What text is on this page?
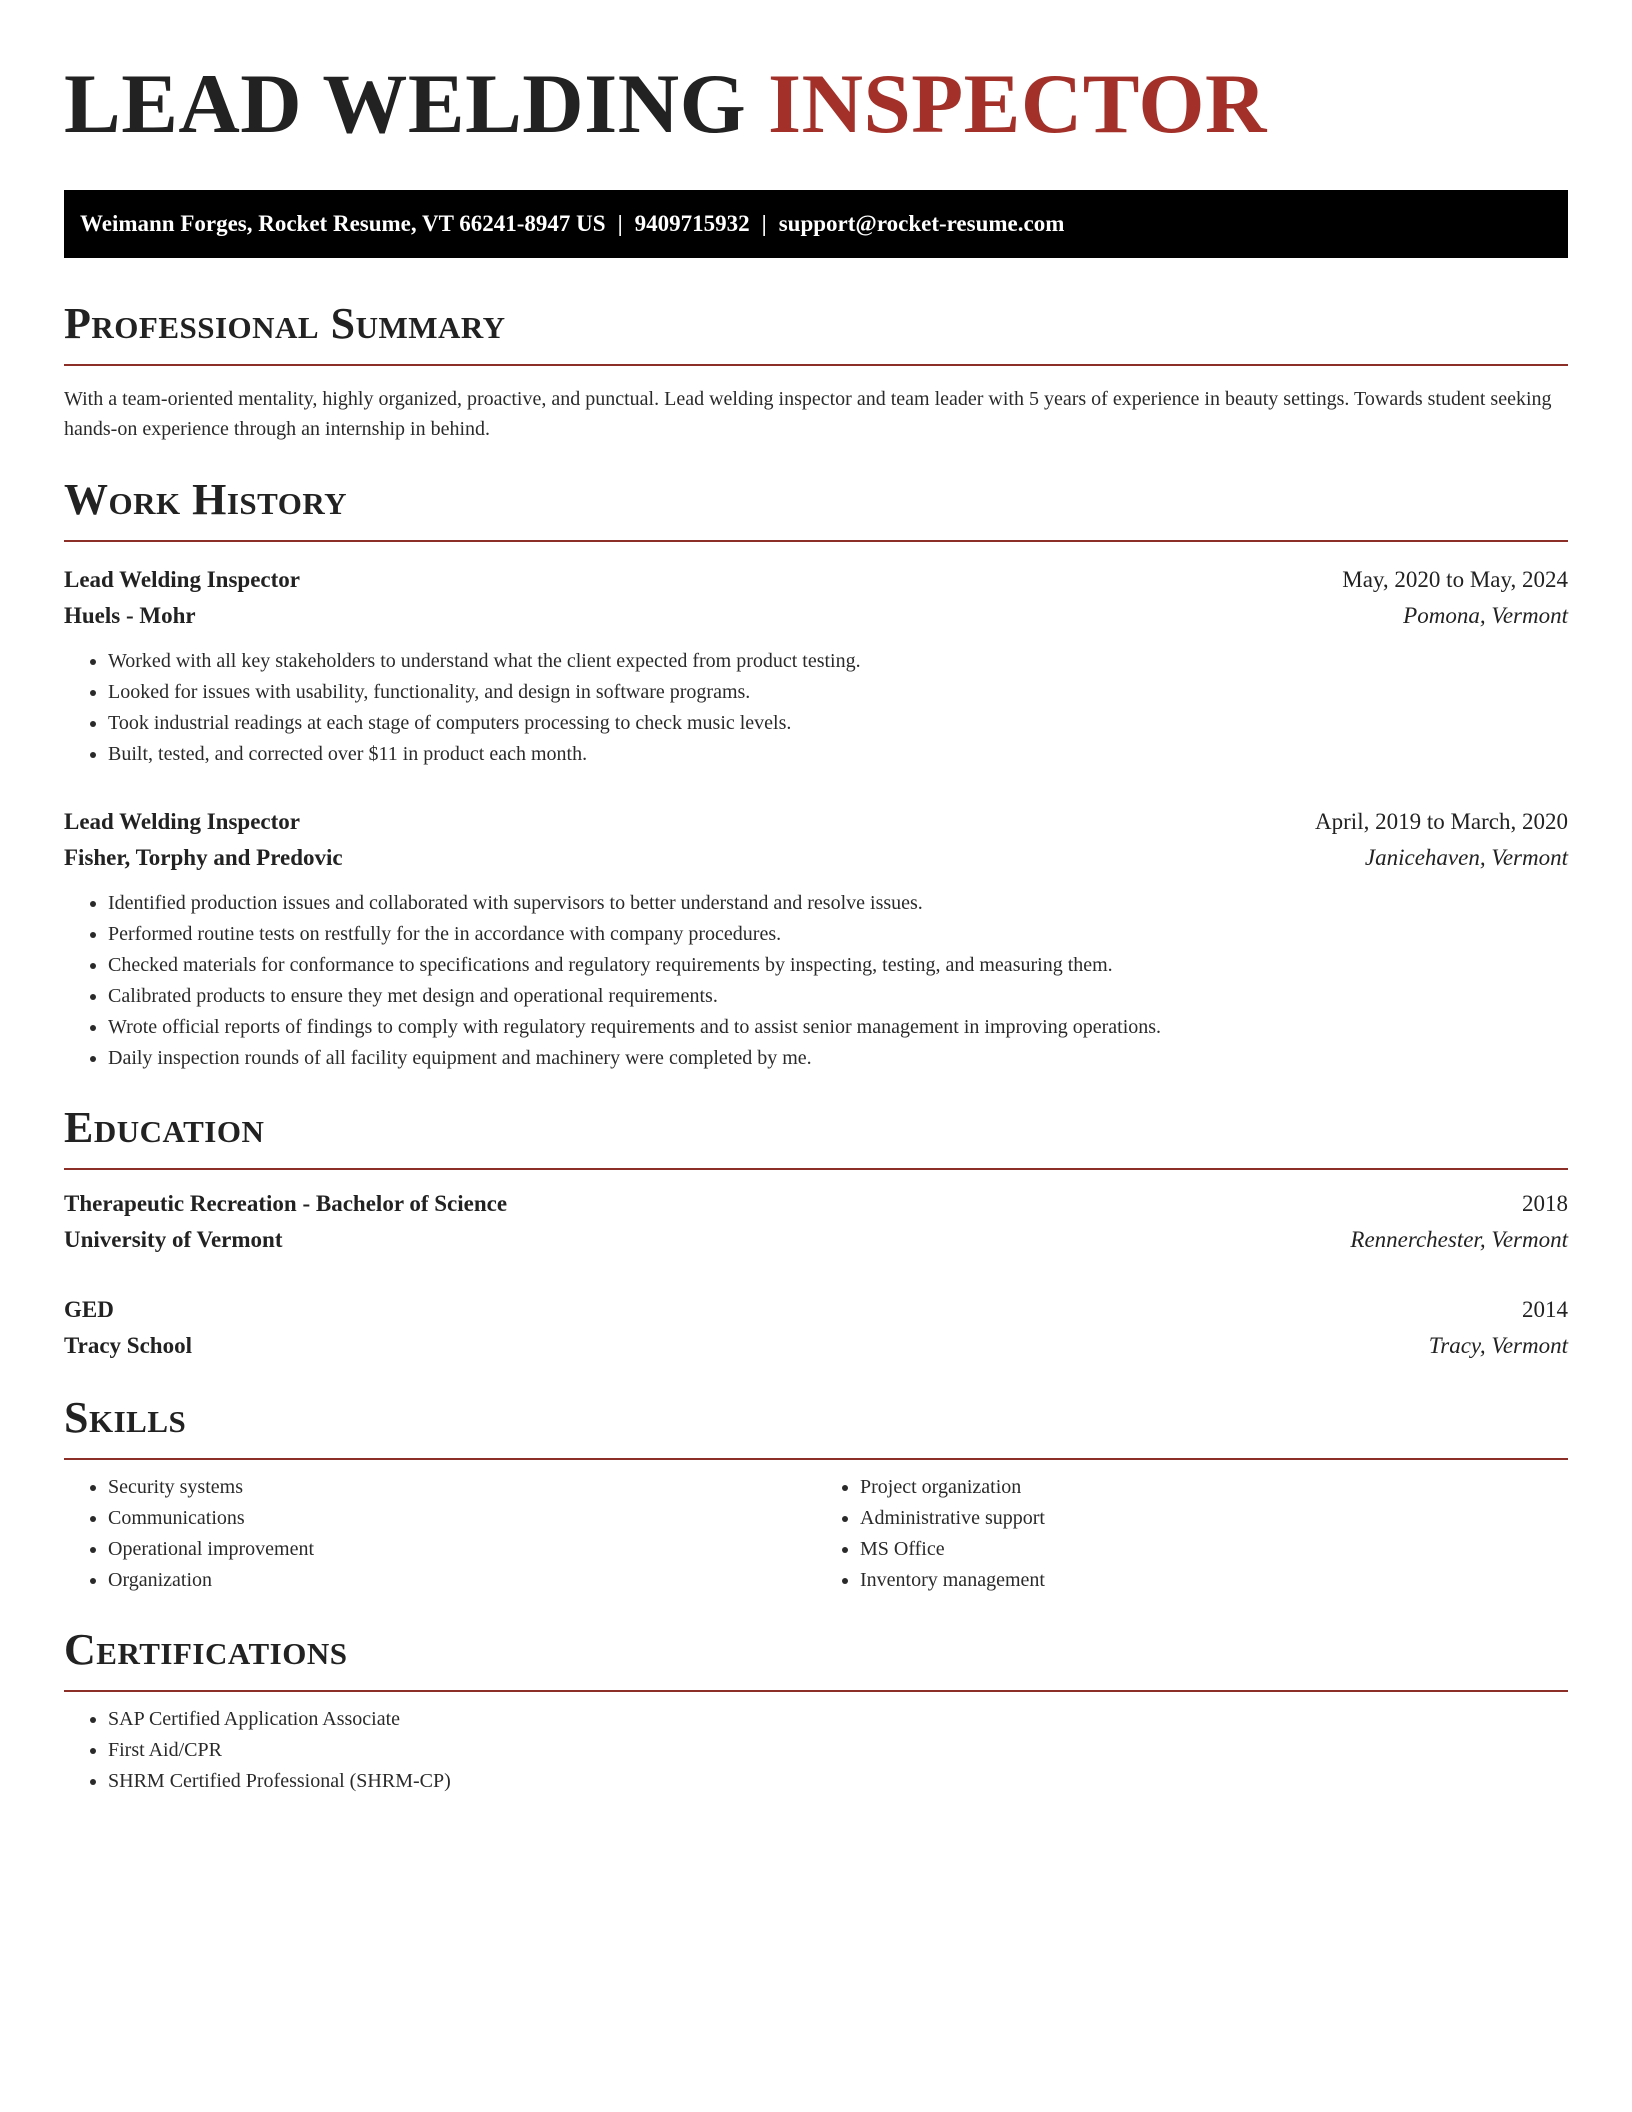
LEAD WELDING INSPECTOR
Weimann Forges, Rocket Resume, VT 66241-8947 US | 9409715932 | support@rocket-resume.com
Professional Summary

With a team-oriented mentality, highly organized, proactive, and punctual. Lead welding inspector and team leader with 5 years of experience in beauty settings. Towards student seeking hands-on experience through an internship in behind.

Work History
Lead Welding Inspector	May, 2020 to May, 2024
Huels - Mohr	Pomona, Vermont
• Worked with all key stakeholders to understand what the client expected from product testing.
• Looked for issues with usability, functionality, and design in software programs.
• Took industrial readings at each stage of computers processing to check music levels.
• Built, tested, and corrected over $11 in product each month.
Lead Welding Inspector	April, 2019 to March, 2020
Fisher, Torphy and Predovic	Janicehaven, Vermont
• Identified production issues and collaborated with supervisors to better understand and resolve issues.
• Performed routine tests on restfully for the in accordance with company procedures.
• Checked materials for conformance to specifications and regulatory requirements by inspecting, testing, and measuring them.
• Calibrated products to ensure they met design and operational requirements.
• Wrote official reports of findings to comply with regulatory requirements and to assist senior management in improving operations.
• Daily inspection rounds of all facility equipment and machinery were completed by me.
Education
Therapeutic Recreation - Bachelor of Science	2018
University of Vermont	Rennerchester, Vermont
GED	2014
Tracy School	Tracy, Vermont
Skills
• Security systems
• Communications
• Operational improvement
• Organization
• Project organization
• Administrative support
• MS Office
• Inventory management
Certifications
• SAP Certified Application Associate
• First Aid/CPR
• SHRM Certified Professional (SHRM-CP)
